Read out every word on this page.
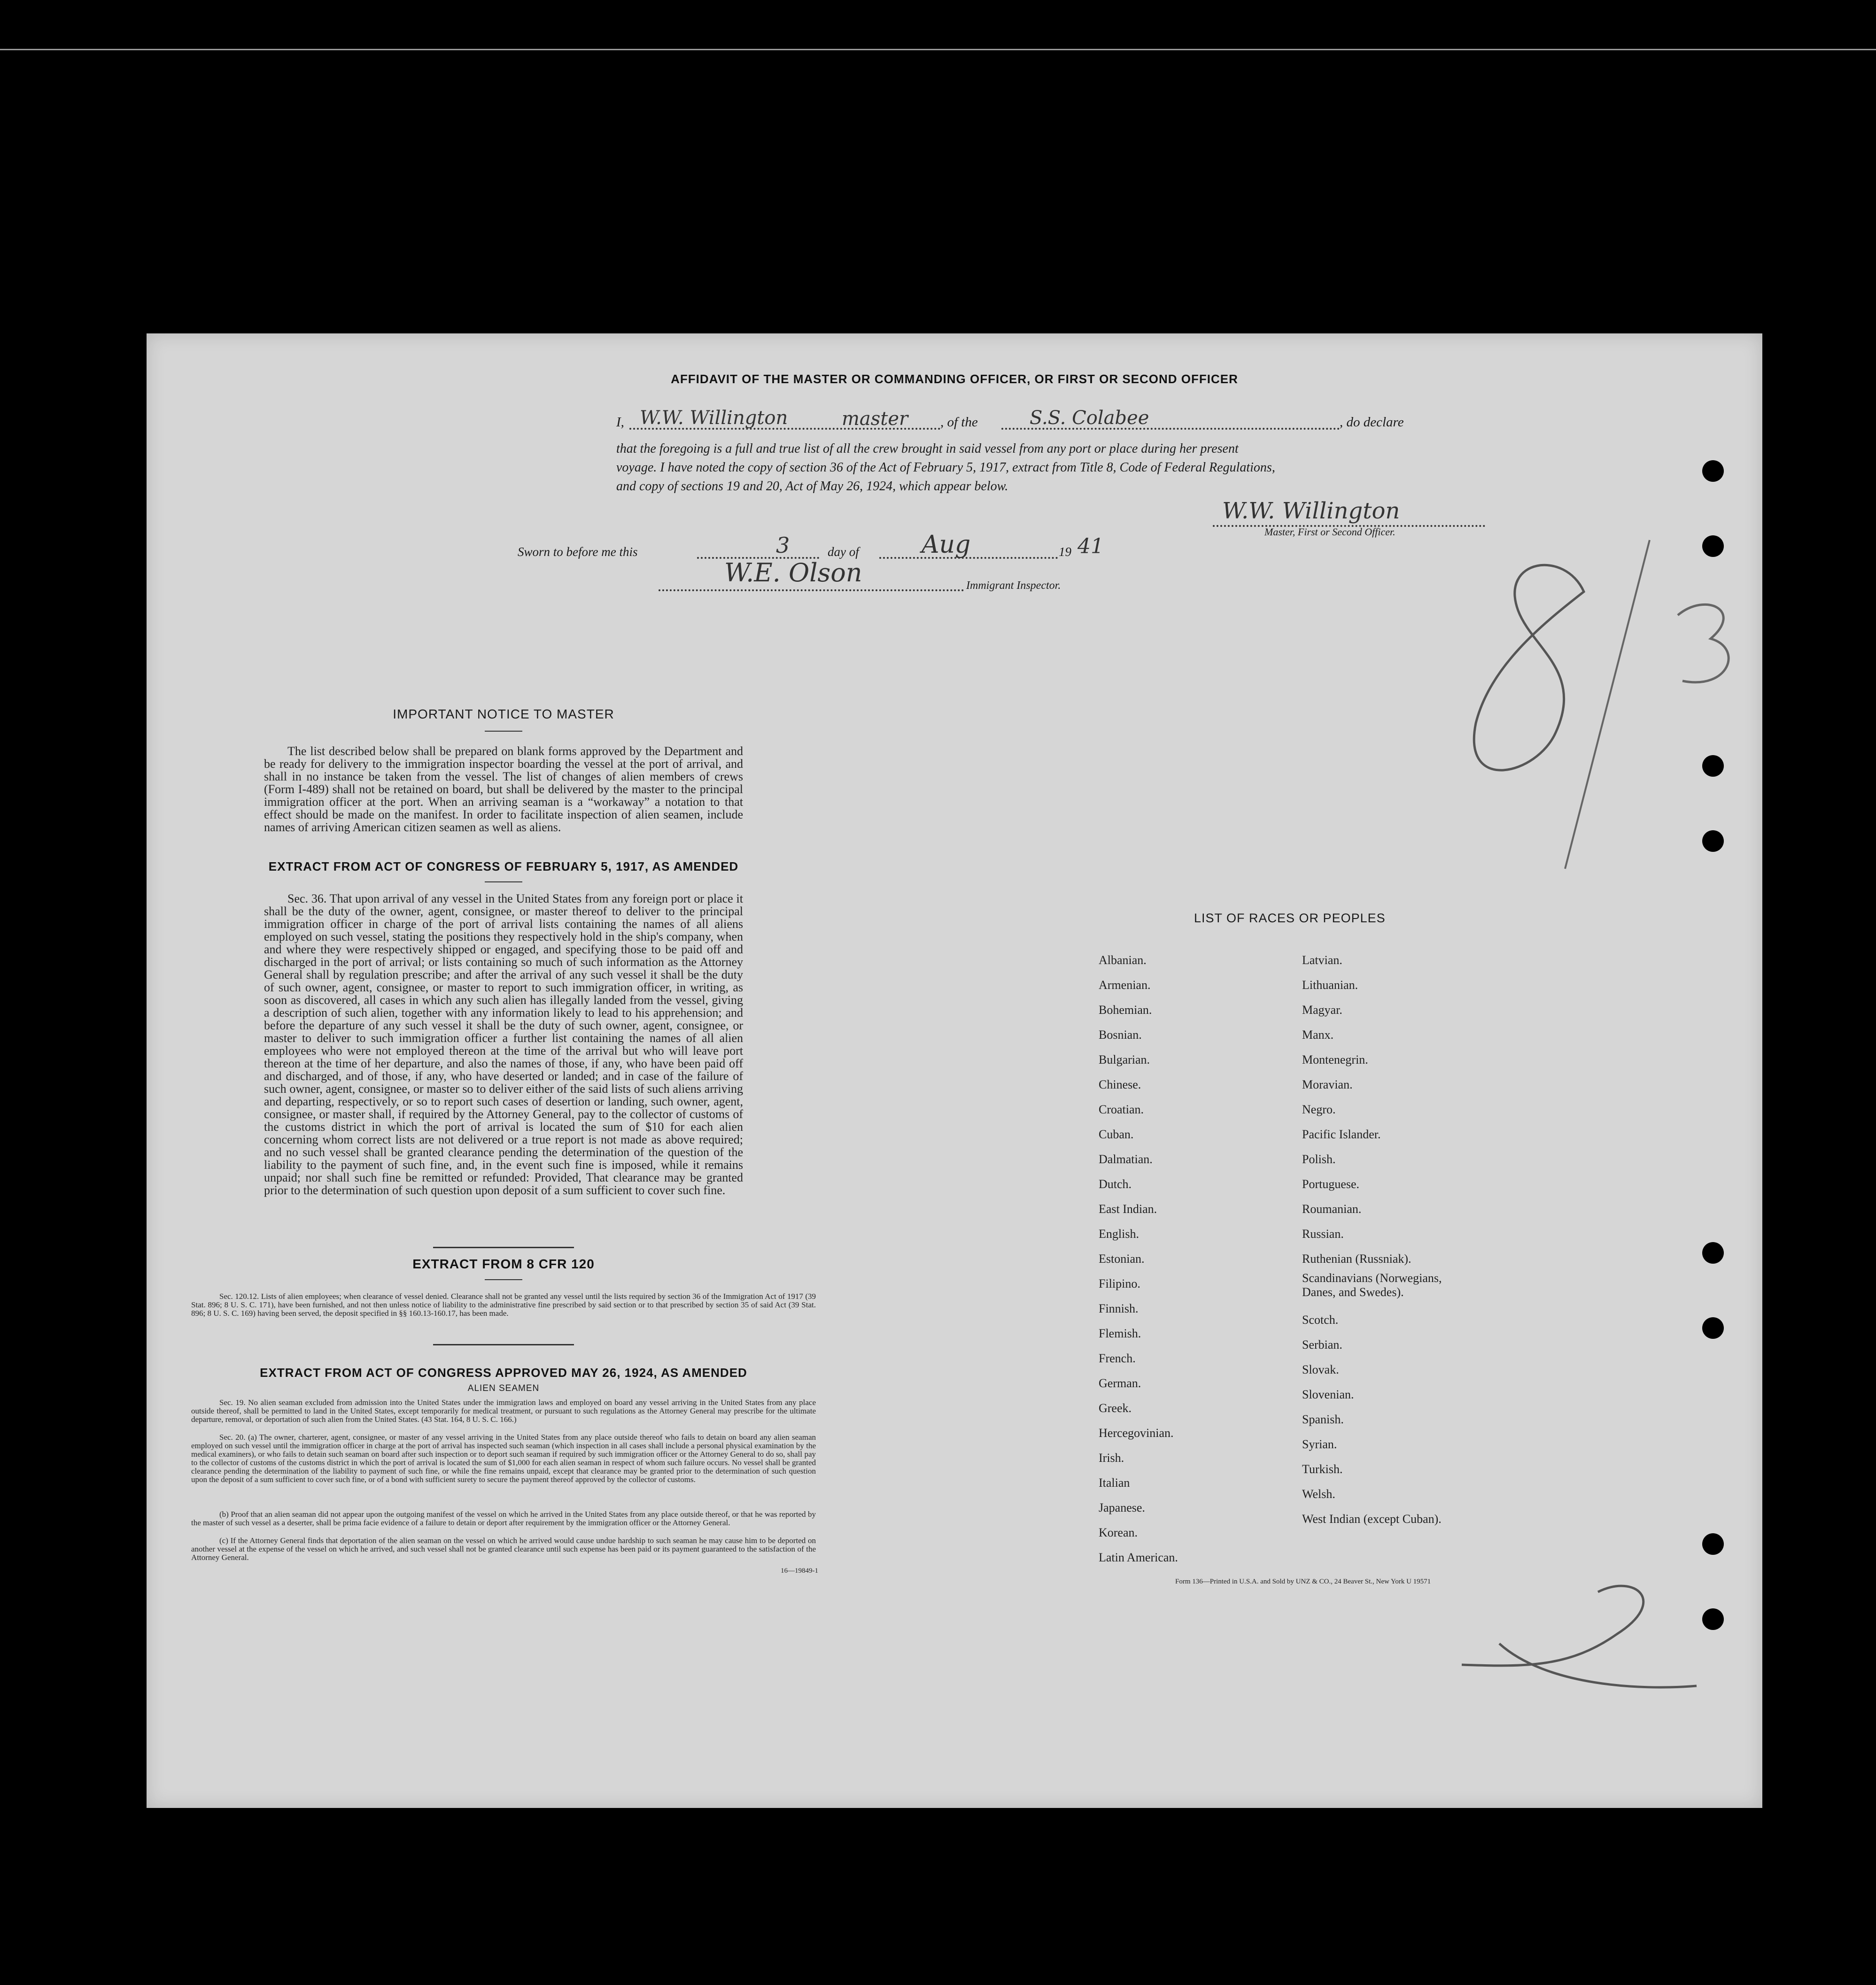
AFFIDAVIT OF THE MASTER OR COMMANDING OFFICER, OR FIRST OR SECOND OFFICER
I, W.W. Willington	master , of the	S.S. Colabee	, do declare
that the foregoing is a full and true list of all the crew brought in said vessel from any port or place during her present
voyage. I have noted the copy of section 36 of the Act of February 5, 1917, extract from Title 8, Code of Federal Regulations,
and copy of sections 19 and 20, Act of May 26, 1924, which appear below.
W.W. Willington
Master, First or Second Officer.
Sworn to before me this	3	day of	Aug	19 41
W.E. Olson	Immigrant Inspector.
IMPORTANT NOTICE TO MASTER
The list described below shall be prepared on blank forms approved by the Department and be ready for delivery to the immigration inspector boarding the vessel at the port of arrival, and shall in no instance be taken from the vessel. The list of changes of alien members of crews (Form I-489) shall not be retained on board, but shall be delivered by the master to the principal immigration officer at the port. When an arriving seaman is a “workaway” a notation to that effect should be made on the manifest. In order to facilitate inspection of alien seamen, include names of arriving American citizen seamen as well as aliens.
EXTRACT FROM ACT OF CONGRESS OF FEBRUARY 5, 1917, AS AMENDED
Sec. 36. That upon arrival of any vessel in the United States from any foreign port or place it shall be the duty of the owner, agent, consignee, or master thereof to deliver to the principal immigration officer in charge of the port of arrival lists containing the names of all aliens employed on such vessel, stating the positions they respectively hold in the ship's company, when and where they were respectively shipped or engaged, and specifying those to be paid off and discharged in the port of arrival; or lists containing so much of such information as the Attorney General shall by regulation prescribe; and after the arrival of any such vessel it shall be the duty of such owner, agent, consignee, or master to report to such immigration officer, in writing, as soon as discovered, all cases in which any such alien has illegally landed from the vessel, giving a description of such alien, together with any information likely to lead to his apprehension; and before the departure of any such vessel it shall be the duty of such owner, agent, consignee, or master to deliver to such immigration officer a further list containing the names of all alien employees who were not employed thereon at the time of the arrival but who will leave port thereon at the time of her departure, and also the names of those, if any, who have been paid off and discharged, and of those, if any, who have deserted or landed; and in case of the failure of such owner, agent, consignee, or master so to deliver either of the said lists of such aliens arriving and departing, respectively, or so to report such cases of desertion or landing, such owner, agent, consignee, or master shall, if required by the Attorney General, pay to the collector of customs of the customs district in which the port of arrival is located the sum of $10 for each alien concerning whom correct lists are not delivered or a true report is not made as above required; and no such vessel shall be granted clearance pending the determination of the question of the liability to the payment of such fine, and, in the event such fine is imposed, while it remains unpaid; nor shall such fine be remitted or refunded: Provided, That clearance may be granted prior to the determination of such question upon deposit of a sum sufficient to cover such fine.
EXTRACT FROM 8 CFR 120
Sec. 120.12. Lists of alien employees; when clearance of vessel denied. Clearance shall not be granted any vessel until the lists required by section 36 of the Immigration Act of 1917 (39 Stat. 896; 8 U. S. C. 171), have been furnished, and not then unless notice of liability to the administrative fine prescribed by said section or to that prescribed by section 35 of said Act (39 Stat. 896; 8 U. S. C. 169) having been served, the deposit specified in §§ 160.13-160.17, has been made.
EXTRACT FROM ACT OF CONGRESS APPROVED MAY 26, 1924, AS AMENDED
ALIEN SEAMEN
Sec. 19. No alien seaman excluded from admission into the United States under the immigration laws and employed on board any vessel arriving in the United States from any place outside thereof, shall be permitted to land in the United States, except temporarily for medical treatment, or pursuant to such regulations as the Attorney General may prescribe for the ultimate departure, removal, or deportation of such alien from the United States. (43 Stat. 164, 8 U. S. C. 166.)
Sec. 20. (a) The owner, charterer, agent, consignee, or master of any vessel arriving in the United States from any place outside thereof who fails to detain on board any alien seaman employed on such vessel until the immigration officer in charge at the port of arrival has inspected such seaman (which inspection in all cases shall include a personal physical examination by the medical examiners), or who fails to detain such seaman on board after such inspection or to deport such seaman if required by such immigration officer or the Attorney General to do so, shall pay to the collector of customs of the customs district in which the port of arrival is located the sum of $1,000 for each alien seaman in respect of whom such failure occurs. No vessel shall be granted clearance pending the determination of the liability to payment of such fine, or while the fine remains unpaid, except that clearance may be granted prior to the determination of such question upon the deposit of a sum sufficient to cover such fine, or of a bond with sufficient surety to secure the payment thereof approved by the collector of customs.
(b) Proof that an alien seaman did not appear upon the outgoing manifest of the vessel on which he arrived in the United States from any place outside thereof, or that he was reported by the master of such vessel as a deserter, shall be prima facie evidence of a failure to detain or deport after requirement by the immigration officer or the Attorney General.
(c) If the Attorney General finds that deportation of the alien seaman on the vessel on which he arrived would cause undue hardship to such seaman he may cause him to be deported on another vessel at the expense of the vessel on which he arrived, and such vessel shall not be granted clearance until such expense has been paid or its payment guaranteed to the satisfaction of the Attorney General.
16—19849-1
LIST OF RACES OR PEOPLES
Albanian.
Armenian.
Bohemian.
Bosnian.
Bulgarian.
Chinese.
Croatian.
Cuban.
Dalmatian.
Dutch.
East Indian.
English.
Estonian.
Filipino.
Finnish.
Flemish.
French.
German.
Greek.
Hercegovinian.
Irish.
Italian
Japanese.
Korean.
Latin American.
Latvian.
Lithuanian.
Magyar.
Manx.
Montenegrin.
Moravian.
Negro.
Pacific Islander.
Polish.
Portuguese.
Roumanian.
Russian.
Ruthenian (Russniak).
Scandinavians (Norwegians, Danes, and Swedes).
Scotch.
Serbian.
Slovak.
Slovenian.
Spanish.
Syrian.
Turkish.
Welsh.
West Indian (except Cuban).
Form 136—Printed in U.S.A. and Sold by UNZ & CO., 24 Beaver St., New York U 19571
